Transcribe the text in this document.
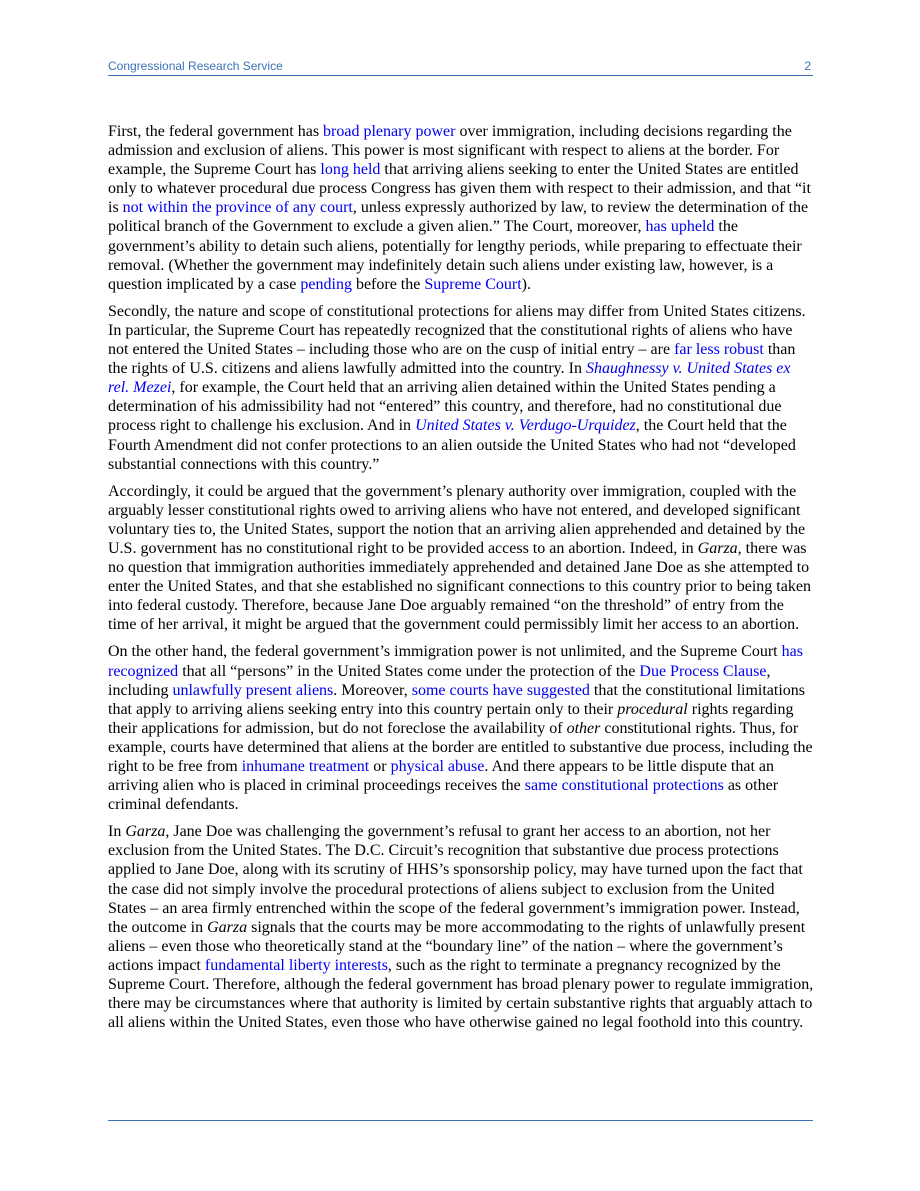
Congressional Research Service	2

First, the federal government has broad plenary power over immigration, including decisions regarding the admission and exclusion of aliens. This power is most significant with respect to aliens at the border. For example, the Supreme Court has long held that arriving aliens seeking to enter the United States are entitled only to whatever procedural due process Congress has given them with respect to their admission, and that “it is not within the province of any court, unless expressly authorized by law, to review the determination of the political branch of the Government to exclude a given alien.” The Court, moreover, has upheld the government’s ability to detain such aliens, potentially for lengthy periods, while preparing to effectuate their removal. (Whether the government may indefinitely detain such aliens under existing law, however, is a question implicated by a case pending before the Supreme Court).

Secondly, the nature and scope of constitutional protections for aliens may differ from United States citizens. In particular, the Supreme Court has repeatedly recognized that the constitutional rights of aliens who have not entered the United States – including those who are on the cusp of initial entry – are far less robust than the rights of U.S. citizens and aliens lawfully admitted into the country. In Shaughnessy v. United States ex rel. Mezei, for example, the Court held that an arriving alien detained within the United States pending a determination of his admissibility had not “entered” this country, and therefore, had no constitutional due process right to challenge his exclusion. And in United States v. Verdugo-Urquidez, the Court held that the Fourth Amendment did not confer protections to an alien outside the United States who had not “developed substantial connections with this country.”

Accordingly, it could be argued that the government’s plenary authority over immigration, coupled with the arguably lesser constitutional rights owed to arriving aliens who have not entered, and developed significant voluntary ties to, the United States, support the notion that an arriving alien apprehended and detained by the U.S. government has no constitutional right to be provided access to an abortion. Indeed, in Garza, there was no question that immigration authorities immediately apprehended and detained Jane Doe as she attempted to enter the United States, and that she established no significant connections to this country prior to being taken into federal custody. Therefore, because Jane Doe arguably remained “on the threshold” of entry from the time of her arrival, it might be argued that the government could permissibly limit her access to an abortion.

On the other hand, the federal government’s immigration power is not unlimited, and the Supreme Court has recognized that all “persons” in the United States come under the protection of the Due Process Clause, including unlawfully present aliens. Moreover, some courts have suggested that the constitutional limitations that apply to arriving aliens seeking entry into this country pertain only to their procedural rights regarding their applications for admission, but do not foreclose the availability of other constitutional rights. Thus, for example, courts have determined that aliens at the border are entitled to substantive due process, including the right to be free from inhumane treatment or physical abuse. And there appears to be little dispute that an arriving alien who is placed in criminal proceedings receives the same constitutional protections as other criminal defendants.

In Garza, Jane Doe was challenging the government’s refusal to grant her access to an abortion, not her exclusion from the United States. The D.C. Circuit’s recognition that substantive due process protections applied to Jane Doe, along with its scrutiny of HHS’s sponsorship policy, may have turned upon the fact that the case did not simply involve the procedural protections of aliens subject to exclusion from the United States – an area firmly entrenched within the scope of the federal government’s immigration power. Instead, the outcome in Garza signals that the courts may be more accommodating to the rights of unlawfully present aliens – even those who theoretically stand at the “boundary line” of the nation – where the government’s actions impact fundamental liberty interests, such as the right to terminate a pregnancy recognized by the Supreme Court. Therefore, although the federal government has broad plenary power to regulate immigration, there may be circumstances where that authority is limited by certain substantive rights that arguably attach to all aliens within the United States, even those who have otherwise gained no legal foothold into this country.
